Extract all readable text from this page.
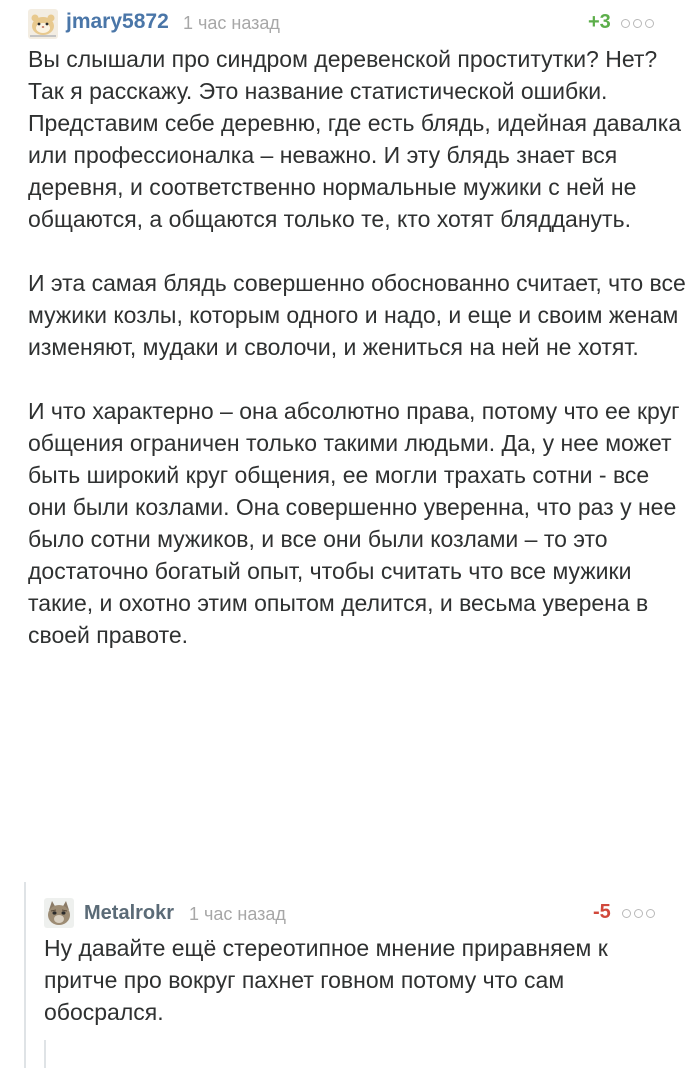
jmary5872 1 час назад	+3

Вы слышали про синдром деревенской проститутки? Нет? Так я расскажу. Это название статистической ошибки. Представим себе деревню, где есть блядь, идейная давалка или профессионалка – неважно. И эту блядь знает вся деревня, и соответственно нормальные мужики с ней не общаются, а общаются только те, кто хотят бляддануть.

И эта самая блядь совершенно обоснованно считает, что все мужики козлы, которым одного и надо, и еще и своим женам изменяют, мудаки и сволочи, и жениться на ней не хотят.

И что характерно – она абсолютно права, потому что ее круг общения ограничен только такими людьми. Да, у нее может быть широкий круг общения, ее могли трахать сотни - все они были козлами. Она совершенно уверенна, что раз у нее было сотни мужиков, и все они были козлами – то это достаточно богатый опыт, чтобы считать что все мужики такие, и охотно этим опытом делится, и весьма уверена в своей правоте.

Metalrokr 1 час назад	-5

Ну давайте ещё стереотипное мнение приравняем к притче про вокруг пахнет говном потому что сам обосрался.
